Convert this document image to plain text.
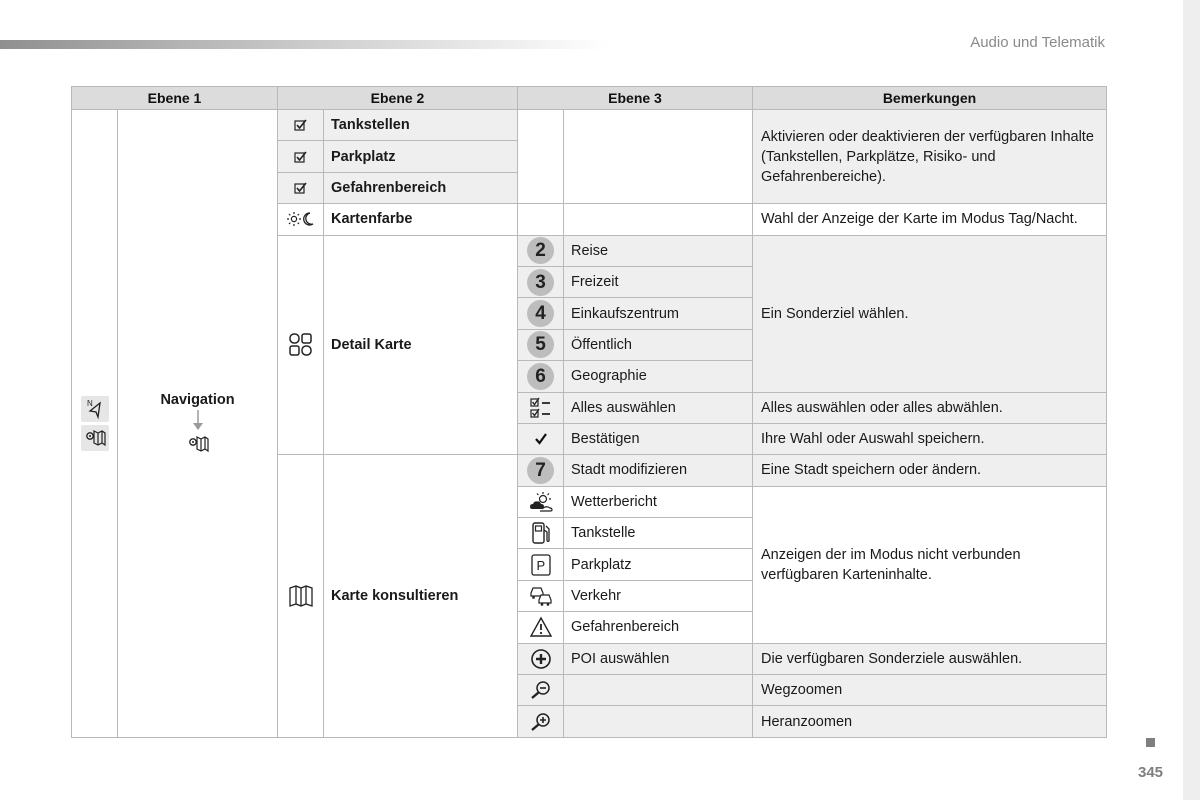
Audio und Telematik
345
Ebene 1		Ebene 2		Ebene 3		Bemerkungen

N	Navigation		Tankstellen			Aktivieren oder deaktivieren der verfügbaren Inhalte (Tankstellen, Parkplätze, Risiko- und Gefahrenbereiche).
	Parkplatz			
	Gefahrenbereich			
	Kartenfarbe			Wahl der Anzeige der Karte im Modus Tag/Nacht.
	Detail Karte	2	Reise	Ein Sonderziel wählen.
				3	Freizeit	
				4	Einkaufszentrum	
				5	Öffentlich	
				6	Geographie	
	Alles auswählen	Alles auswählen oder alles abwählen.
	Bestätigen	Ihre Wahl oder Auswahl speichern.
	Karte konsultieren	7	Stadt modifizieren	Eine Stadt speichern oder ändern.
	Wetterbericht	Anzeigen der im Modus nicht verbunden verfügbaren Karteninhalte.
	Tankstelle	

P	Parkplatz	
	Verkehr	
	Gefahrenbereich	
	POI auswählen	Die verfügbaren Sonderziele auswählen.
		Wegzoomen
		Heranzoomen
